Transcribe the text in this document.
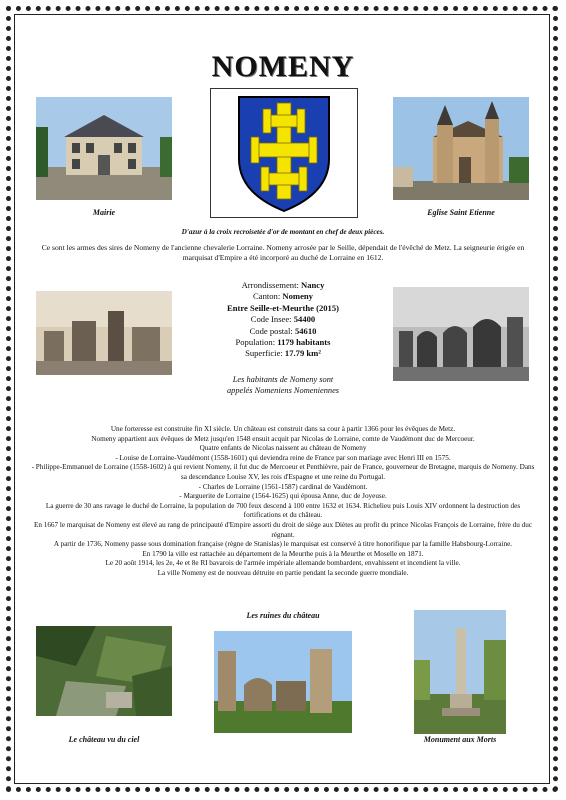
NOMENY
Mairie	Eglise Saint Etienne
D'azur à la croix recroisetée d'or de montant en chef de deux pièces.
Ce sont les armes des sires de Nomeny de l'ancienne chevalerie Lorraine. Nomeny arrosée par le Seille, dépendait de l'évêché de Metz. La seigneurie érigée en marquisat d'Empire a été incorporé au duché de Lorraine en 1612.
Arrondissement: Nancy
Canton: Nomeny
Entre Seille-et-Meurthe (2015)
Code Insee: 54400
Code postal: 54610
Population: 1179 habitants
Superficie: 17.79 km²
Les habitants de Nomeny sont appelés Nomeniens Nomeniennes
Une forteresse est construite fin XI siècle. Un château est construit dans sa cour à partir 1366 pour les évêques de Metz.
Nomeny appartient aux évêques de Metz jusqu'en 1548 ensuit acquit par Nicolas de Lorraine, comte de Vaudémont duc de Mercoeur.
Quatre enfants de Nicolas naissent au château de Nomeny
- Louise de Lorraine-Vaudémont (1558-1601) qui deviendra reine de France par son mariage avec Henri III en 1575.
- Philippe-Emmanuel de Lorraine (1558-1602) à qui revient Nomeny, il fut duc de Mercoeur et Penthièvre, pair de France, gouverneur de Bretagne, marquis de Nomeny. Dans sa descendance Louise XV, les rois d'Espagne et une reine du Portugal.
- Charles de Lorraine (1561-1587) cardinal de Vaudémont.
- Marguerite de Lorraine (1564-1625) qui épousa Anne, duc de Joyeuse.
La guerre de 30 ans ravage le duché de Lorraine, la population de 700 feux descend à 100 entre 1632 et 1634. Richelieu puis Louis XIV ordonnent la destruction des fortifications et du château.
En 1667 le marquisat de Nomeny est élevé au rang de principauté d'Empire assorti du droit de siège aux Diètes au profit du prince Nicolas François de Lorraine, frère du duc régnant.
A partir de 1736, Nomeny passe sous domination française (règne de Stanislas) le marquisat est conservé à titre honorifique par la famille Habsbourg-Lorraine.
En 1790 la ville est rattachée au département de la Meurthe puis à la Meurthe et Moselle en 1871.
Le 20 août 1914, les 2e, 4e et 8e RI bavarois de l'armée impériale allemande bombardent, envahissent et incendient la ville.
La ville Nomeny est de nouveau détruite en partie pendant la seconde guerre mondiale.
Les ruines du château
Le château vu du ciel	Monument aux Morts
